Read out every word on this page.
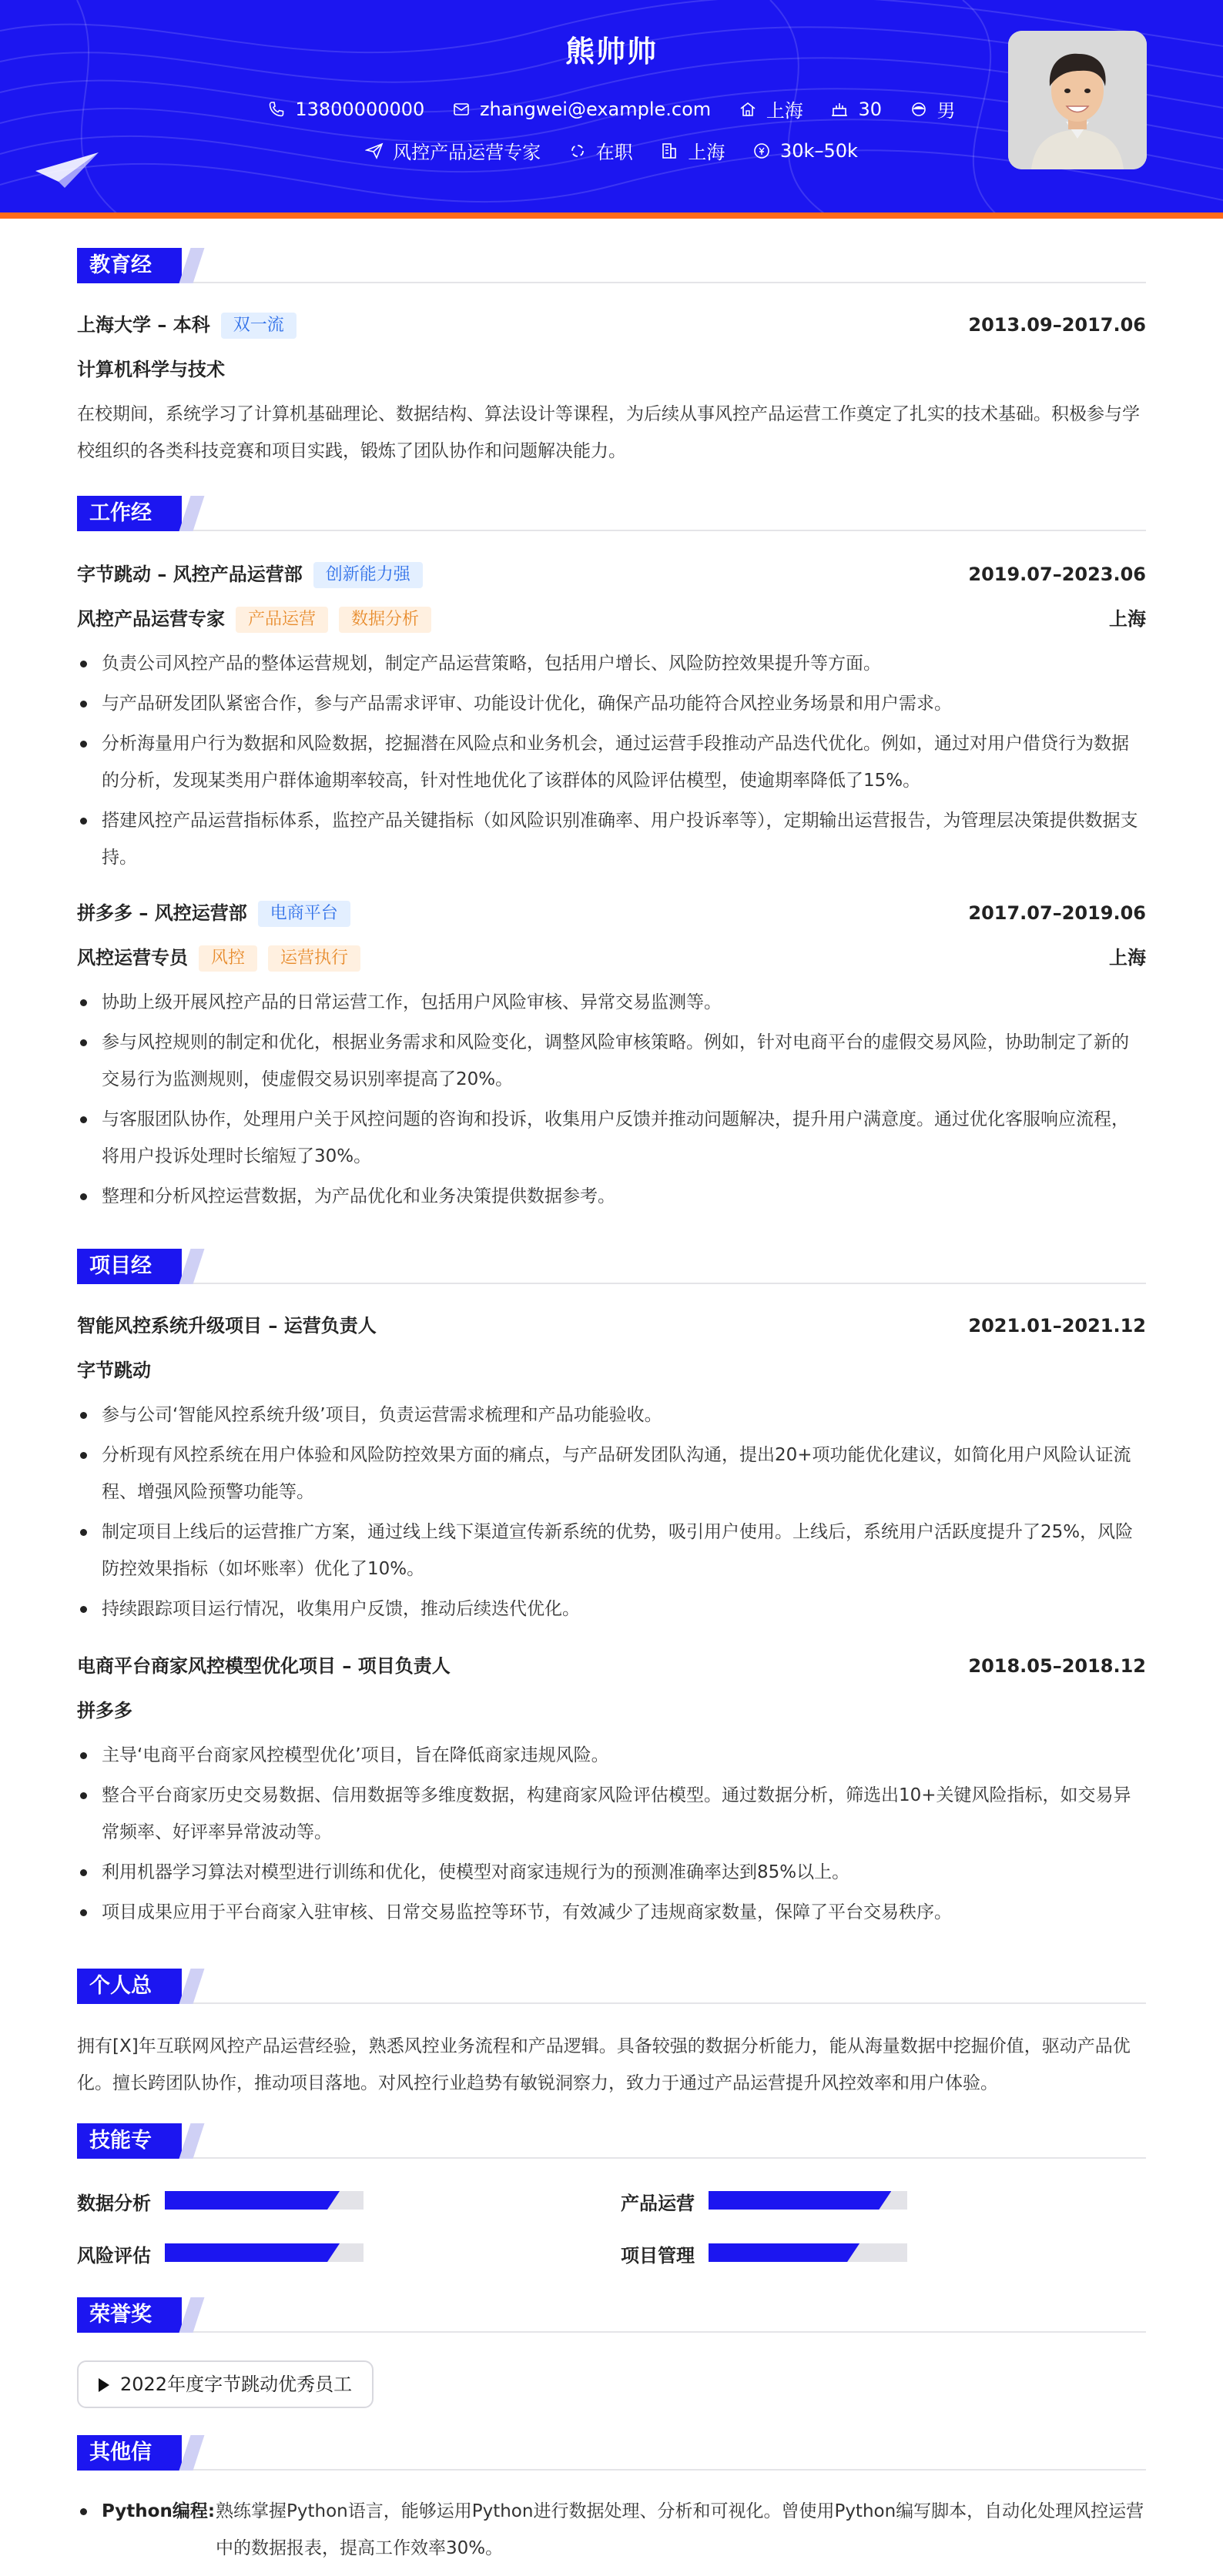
熊帅帅
13800000000
	zhangwei@example.com
	上海
	30
	男
风控产品运营专家
	在职
	上海
	30k–50k
教育经历
上海大学 – 本科 双一流	2013.09–2017.06
计算机科学与技术
在校期间，系统学习了计算机基础理论、数据结构、算法设计等课程，为后续从事风控产品运营工作奠定了扎实的技术基础。积极参与学校组织的各类科技竞赛和项目实践，锻炼了团队协作和问题解决能力。
工作经历
字节跳动 – 风控产品运营部 创新能力强	2019.07–2023.06
风控产品运营专家 产品运营 数据分析	上海
负责公司风控产品的整体运营规划，制定产品运营策略，包括用户增长、风险防控效果提升等方面。
与产品研发团队紧密合作，参与产品需求评审、功能设计优化，确保产品功能符合风控业务场景和用户需求。
分析海量用户行为数据和风险数据，挖掘潜在风险点和业务机会，通过运营手段推动产品迭代优化。例如，通过对用户借贷行为数据的分析，发现某类用户群体逾期率较高，针对性地优化了该群体的风险评估模型，使逾期率降低了15%。
搭建风控产品运营指标体系，监控产品关键指标（如风险识别准确率、用户投诉率等），定期输出运营报告，为管理层决策提供数据支持。
拼多多 – 风控运营部 电商平台	2017.07–2019.06
风控运营专员 风控 运营执行	上海
协助上级开展风控产品的日常运营工作，包括用户风险审核、异常交易监测等。
参与风控规则的制定和优化，根据业务需求和风险变化，调整风险审核策略。例如，针对电商平台的虚假交易风险，协助制定了新的交易行为监测规则，使虚假交易识别率提高了20%。
与客服团队协作，处理用户关于风控问题的咨询和投诉，收集用户反馈并推动问题解决，提升用户满意度。通过优化客服响应流程，将用户投诉处理时长缩短了30%。
整理和分析风控运营数据，为产品优化和业务决策提供数据参考。
项目经历
智能风控系统升级项目 – 运营负责人	2021.01–2021.12
字节跳动
参与公司‘智能风控系统升级’项目，负责运营需求梳理和产品功能验收。
分析现有风控系统在用户体验和风险防控效果方面的痛点，与产品研发团队沟通，提出20+项功能优化建议，如简化用户风险认证流程、增强风险预警功能等。
制定项目上线后的运营推广方案，通过线上线下渠道宣传新系统的优势，吸引用户使用。上线后，系统用户活跃度提升了25%，风险防控效果指标（如坏账率）优化了10%。
持续跟踪项目运行情况，收集用户反馈，推动后续迭代优化。
电商平台商家风控模型优化项目 – 项目负责人	2018.05–2018.12
拼多多
主导‘电商平台商家风控模型优化’项目，旨在降低商家违规风险。
整合平台商家历史交易数据、信用数据等多维度数据，构建商家风险评估模型。通过数据分析，筛选出10+关键风险指标，如交易异常频率、好评率异常波动等。
利用机器学习算法对模型进行训练和优化，使模型对商家违规行为的预测准确率达到85%以上。
项目成果应用于平台商家入驻审核、日常交易监控等环节，有效减少了违规商家数量，保障了平台交易秩序。
个人总结
拥有[X]年互联网风控产品运营经验，熟悉风控业务流程和产品逻辑。具备较强的数据分析能力，能从海量数据中挖掘价值，驱动产品优化。擅长跨团队协作，推动项目落地。对风控行业趋势有敏锐洞察力，致力于通过产品运营提升风控效率和用户体验。
技能专长
数据分析	产品运营
风险评估	项目管理
荣誉奖项
2022年度字节跳动优秀员工
其他信息
Python编程: 熟练掌握Python语言，能够运用Python进行数据处理、分析和可视化。曾使用Python编写脚本，自动化处理风控运营中的数据报表，提高工作效率30%。
